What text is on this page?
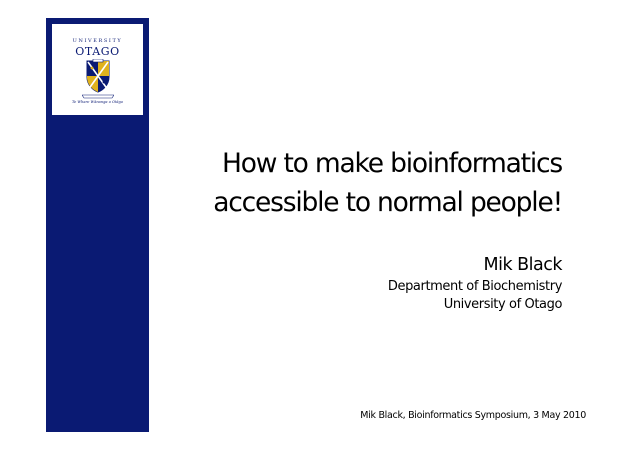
UNIVERSITY
OTAGO
Te Whare Wānanga o Otāgo
How to make bioinformatics
accessible to normal people!
Mik Black
Department of Biochemistry
University of Otago
Mik Black, Bioinformatics Symposium, 3 May 2010
